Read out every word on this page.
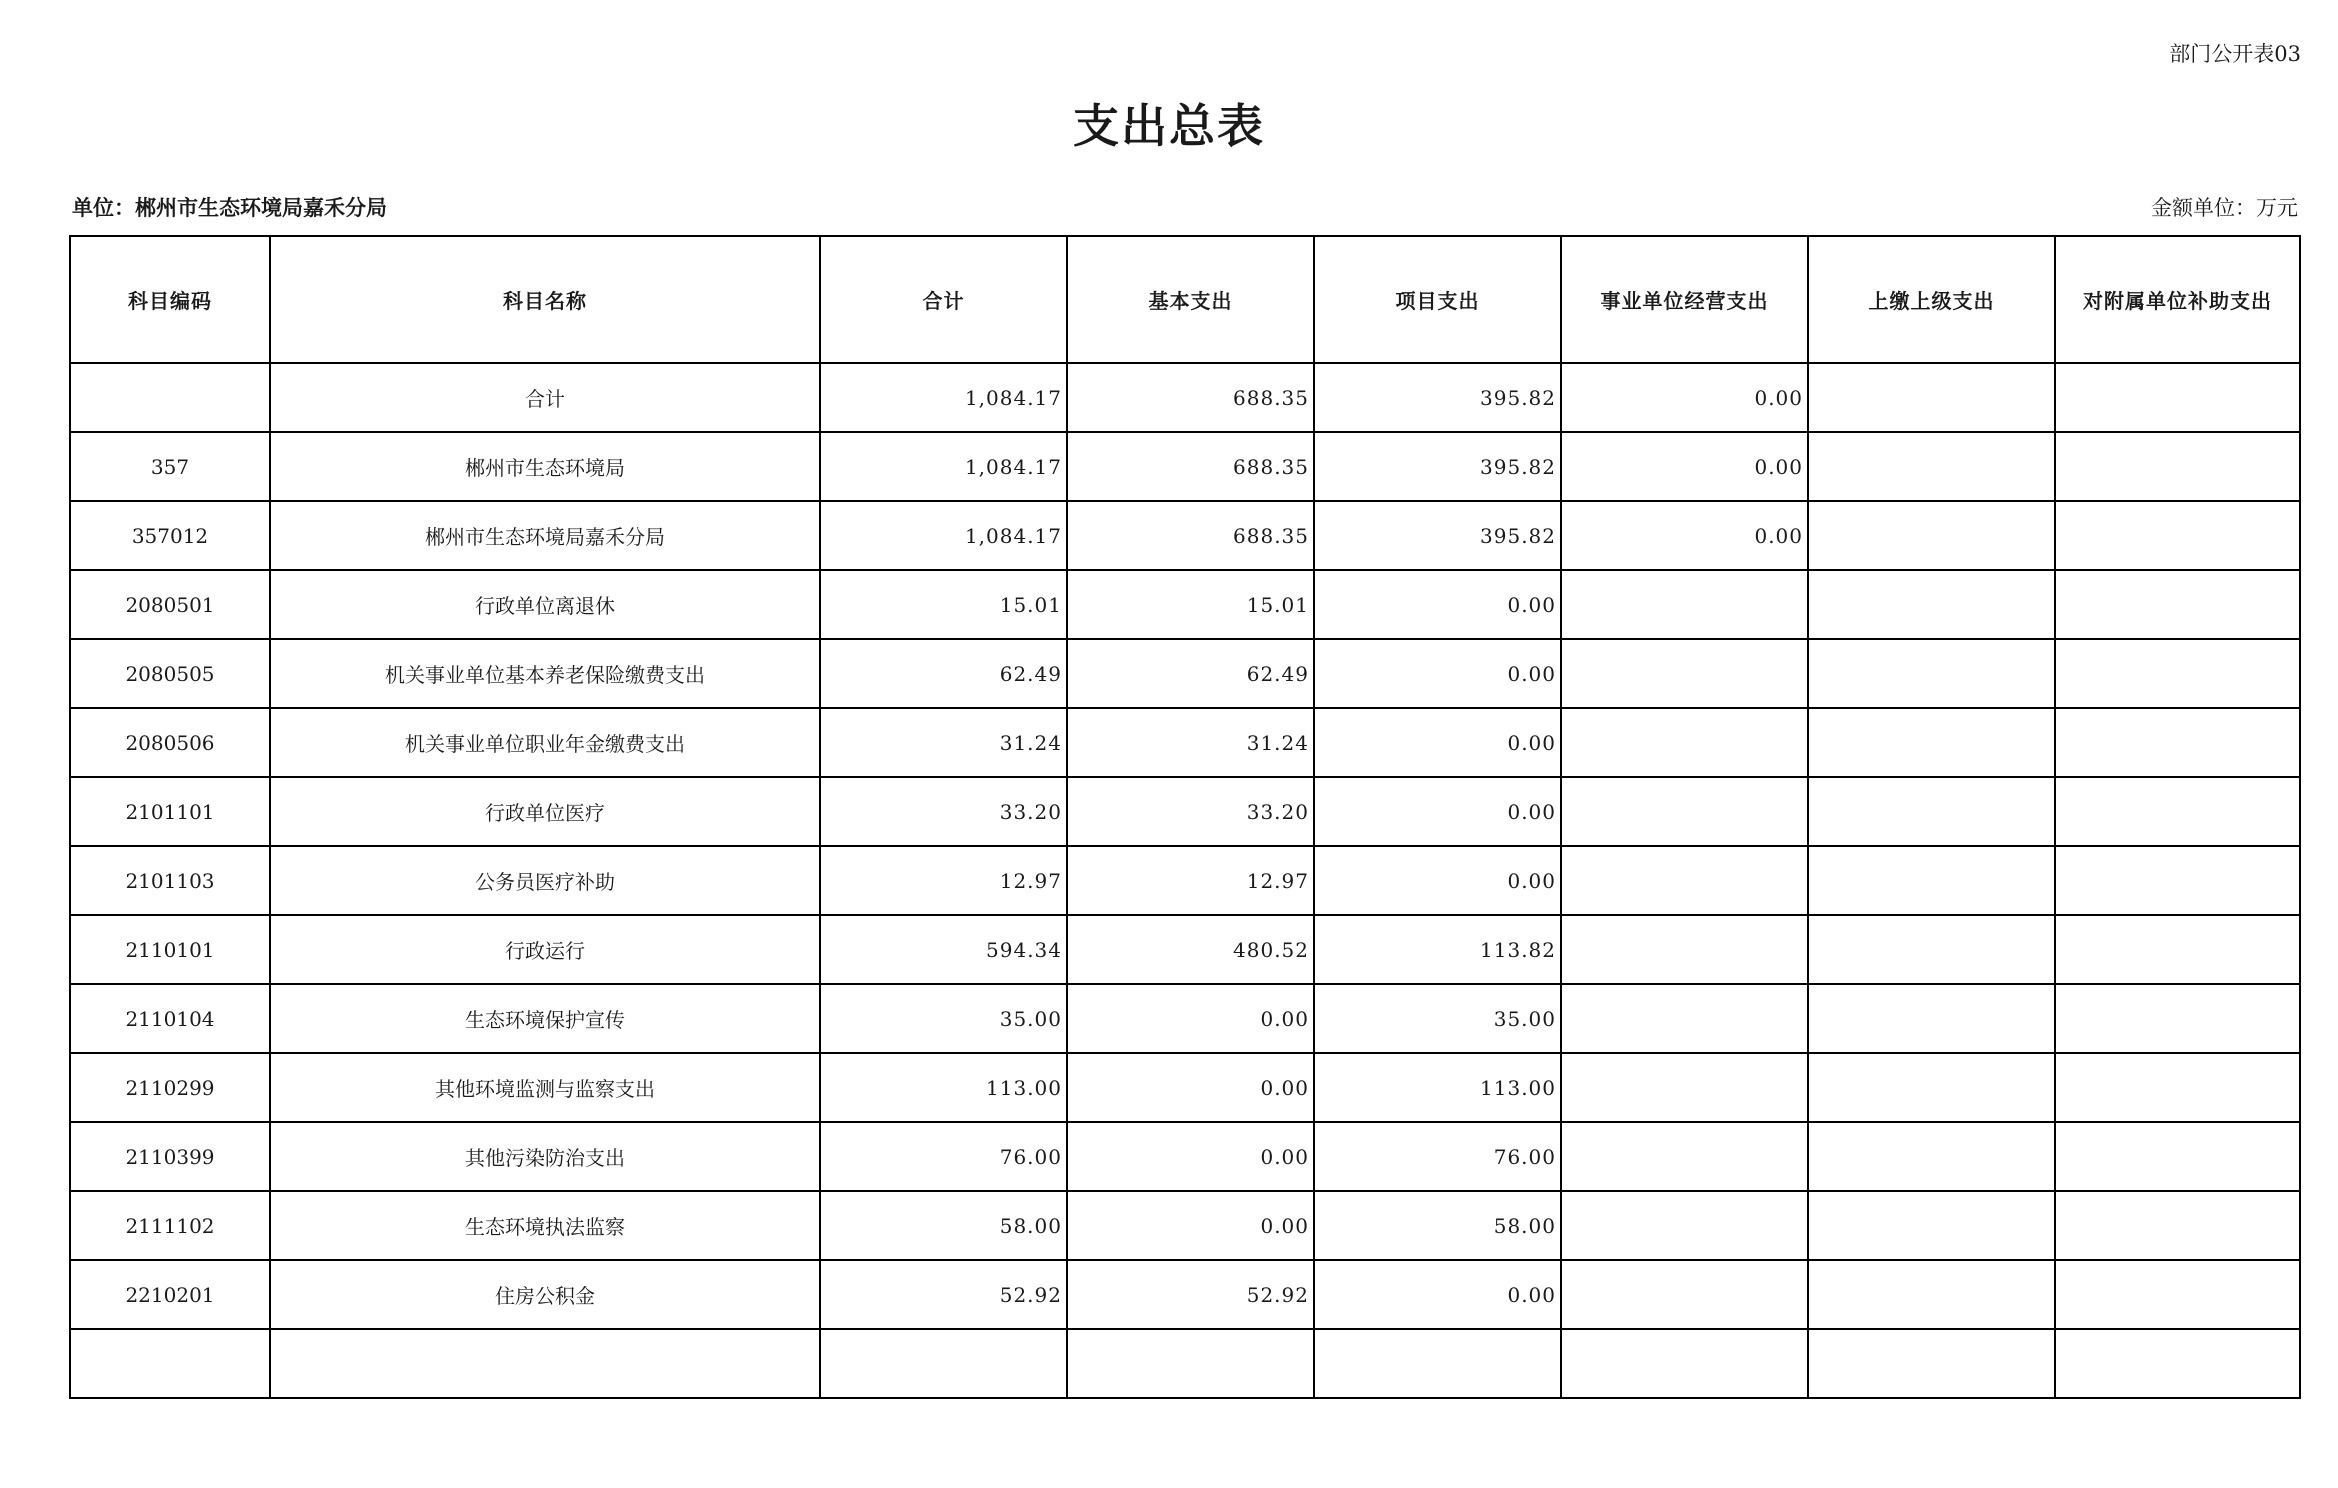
部门公开表03
支出总表
单位：郴州市生态环境局嘉禾分局	金额单位：万元
科目编码	科目名称	合计	基本支出	项目支出	事业单位经营支出	上缴上级支出	对附属单位补助支出
	合计	1,084.17	688.35	395.82	0.00		
357	郴州市生态环境局	1,084.17	688.35	395.82	0.00		
357012	郴州市生态环境局嘉禾分局	1,084.17	688.35	395.82	0.00		
2080501	行政单位离退休	15.01	15.01	0.00			
2080505	机关事业单位基本养老保险缴费支出	62.49	62.49	0.00			
2080506	机关事业单位职业年金缴费支出	31.24	31.24	0.00			
2101101	行政单位医疗	33.20	33.20	0.00			
2101103	公务员医疗补助	12.97	12.97	0.00			
2110101	行政运行	594.34	480.52	113.82			
2110104	生态环境保护宣传	35.00	0.00	35.00			
2110299	其他环境监测与监察支出	113.00	0.00	113.00			
2110399	其他污染防治支出	76.00	0.00	76.00			
2111102	生态环境执法监察	58.00	0.00	58.00			
2210201	住房公积金	52.92	52.92	0.00			
